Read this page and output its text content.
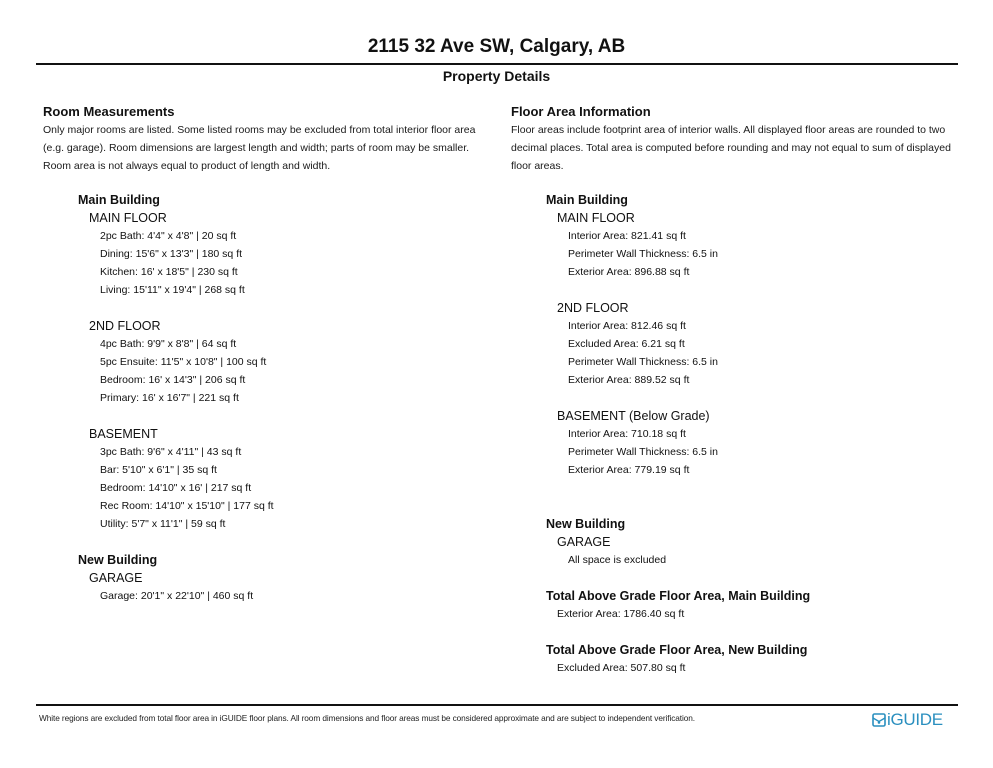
2115 32 Ave SW, Calgary, AB
Property Details
Room Measurements
Only major rooms are listed. Some listed rooms may be excluded from total interior floor area (e.g. garage). Room dimensions are largest length and width; parts of room may be smaller. Room area is not always equal to product of length and width.
Main Building
MAIN FLOOR
2pc Bath: 4'4" x 4'8" | 20 sq ft
Dining: 15'6" x 13'3" | 180 sq ft
Kitchen: 16' x 18'5" | 230 sq ft
Living: 15'11" x 19'4" | 268 sq ft
2ND FLOOR
4pc Bath: 9'9" x 8'8" | 64 sq ft
5pc Ensuite: 11'5" x 10'8" | 100 sq ft
Bedroom: 16' x 14'3" | 206 sq ft
Primary: 16' x 16'7" | 221 sq ft
BASEMENT
3pc Bath: 9'6" x 4'11" | 43 sq ft
Bar: 5'10" x 6'1" | 35 sq ft
Bedroom: 14'10" x 16' | 217 sq ft
Rec Room: 14'10" x 15'10" | 177 sq ft
Utility: 5'7" x 11'1" | 59 sq ft
New Building
GARAGE
Garage: 20'1" x 22'10" | 460 sq ft
Floor Area Information
Floor areas include footprint area of interior walls. All displayed floor areas are rounded to two decimal places. Total area is computed before rounding and may not equal to sum of displayed floor areas.
Main Building
MAIN FLOOR
Interior Area: 821.41 sq ft
Perimeter Wall Thickness: 6.5 in
Exterior Area: 896.88 sq ft
2ND FLOOR
Interior Area: 812.46 sq ft
Excluded Area: 6.21 sq ft
Perimeter Wall Thickness: 6.5 in
Exterior Area: 889.52 sq ft
BASEMENT (Below Grade)
Interior Area: 710.18 sq ft
Perimeter Wall Thickness: 6.5 in
Exterior Area: 779.19 sq ft
New Building
GARAGE
All space is excluded
Total Above Grade Floor Area, Main Building
Exterior Area: 1786.40 sq ft
Total Above Grade Floor Area, New Building
Excluded Area: 507.80 sq ft
White regions are excluded from total floor area in iGUIDE floor plans. All room dimensions and floor areas must be considered approximate and are subject to independent verification.	iGUIDE
